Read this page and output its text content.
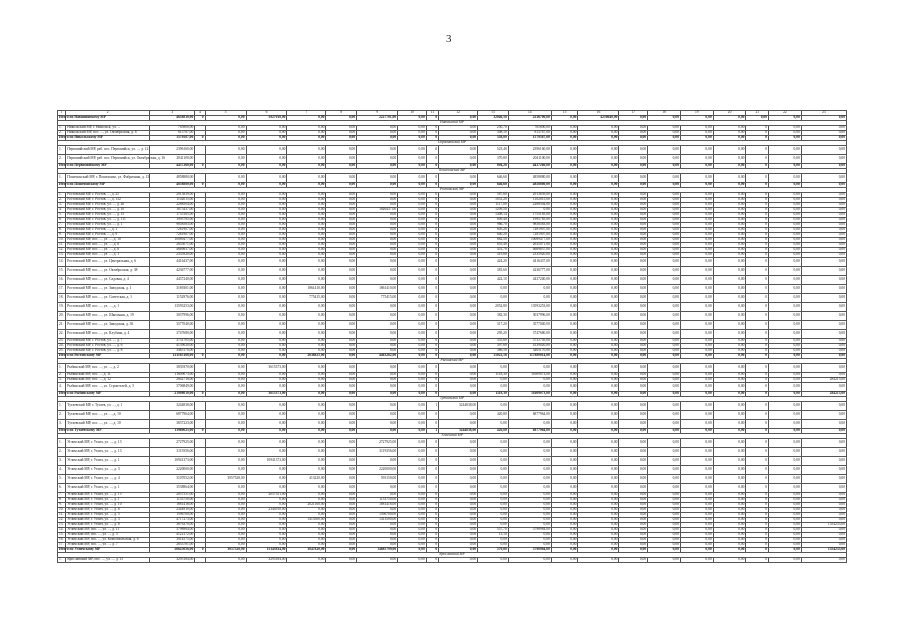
3
1	2	3	4	5	6	7	8	9	10	11	12	13	14	15	16	17	18	19	20	21	22	23
Итого по Навашинскому МР		4658830,00	0	0,00	5927018,00	0,00	0,00	2227701,00	0,00	0	0,00	32046,50	2236700,00	0,00	4216640,00	0,00	0,00	0,00	0,00	0,00	0,00	0,00
Никольский МР																						
1.	Никольский МР, г. Никольск, ул. ...	765800,00		0,00	0,00	0,00	0,00	0,00	0,00	0	0,00	250,70	765800,00	0,00	0,00	0,00	0,00	0,00	0,00	0	0,00	0,00
2.	Никольский МР, пос. ..., ул. Октябрьская, д. 6	813787,00		0,00	0,00	0,00	0,00	0,00	0,00	0	0,00	308,10	813787,00	0,00	0,00	0,00	0,00	0,00	0,00	0	0,00	0,00
Итого по Никольскому МР		1579587,00	0	0,00	0,00	0,00	0,00	0,00	0,00	0	0,00	558,80	1579587,00	0,00	0,00	0,00	0,00	0,00	0,00	0	0,00	0,00
Первомайский МР																						
1.	Первомайский МР, раб. пос. Первомайск, ул. ..., д. 12	2396160,00		0,00	0,00	0,00	0,00	0,00	0,00	0	0,00	523,40	2396160,00	0,00	0,00	0,00	0,00	0,00	0,00	0	0,00	0,00
2.	Первомайский МР, раб. пос. Первомайск, ул. Октябрьская, д. 16	2041100,00		0,00	0,00	0,00	0,00	0,00	0,00	0	0,00	370,80	2041100,00	0,00	0,00	0,00	0,00	0,00	0,00	0	0,00	0,00
Итого по Первомайскому МР		4437260,00	0	0,00	0,00	0,00	0,00	0,00	0,00	0	0,00	894,20	4437260,00	0,00	0,00	0,00	0,00	0,00	0,00	0	0,00	0,00
Пошехонский МР																						
1.	Пошехонский МР, г. Пошехонье, ул. Фабричная, д. 13	4858880,00		0,00	0,00	0,00	0,00	0,00	0,00	0	0,00	646,60	4858880,00	0,00	0,00	0,00	0,00	0,00	0,00	0	0,00	0,00
Итого по Пошехонскому МР		4858880,00	0	0,00	0,00	0,00	0,00	0,00	0,00	0	0,00	646,60	4858880,00	0,00	0,00	0,00	0,00	0,00	0,00	0	0,00	0,00
Ростовский МР																						
1.	Ростовский МР, г. Ростов, ..., д. 25	2913839,00		0,00	0,00	0,00	0,00	0,00	0,00	0	0,00	587,60	2913839,00	0,00	0,00	0,00	0,00	0,00	0,00	0	0,00	0,00
2.	Ростовский МР, г. Ростов, ..., д. 132	1102015,00		0,00	0,00	0,00	0,00	0,00	0,00	0	0,00	1031,20	1102015,00	0,00	0,00	0,00	0,00	0,00	0,00	0	0,00	0,00
3.	Ростовский МР, г. Ростов, ул. ..., д. 26	2288504,00		0,00	0,00	0,00	0,00	0,00	0,00	0	0,00	1117,00	2288504,00	0,00	0,00	0,00	0,00	0,00	0,00	0	0,00	0,00
4.	Ростовский МР, г. Ростов, ул. ..., д. 10	1875437,00		0,00	0,00	0,00	0,00	1826437,00	0,00	0	0,00	1209,50	0,00	0,00	0,00	0,00	0,00	0,00	0,00	0	0,00	0,00
5.	Ростовский МР, г. Ростов, ул. ..., д. 15	1755185,00		0,00	0,00	0,00	0,00	0,00	0,00	0	0,00	1408,14	1755185,00	0,00	0,00	0,00	0,00	0,00	0,00	0	0,00	0,00
6.	Ростовский МР, г. Ростов, ул. ..., д. 111	1995785,00		0,00	0,00	0,00	0,00	0,00	0,00	0	0,00	609,40	1995785,00	0,00	0,00	0,00	0,00	0,00	0,00	0	0,00	0,00
7.	Ростовский МР, г. Ростов, ул. ..., д. 1	9858583,00		0,00	0,00	0,00	0,00	0,00	0,00	0	0,00	966,70	9858583,00	0,00	0,00	0,00	0,00	0,00	0,00	0	0,00	0,00
8.	Ростовский МР, г. Ростов, ..., д. 1	7281907,00		0,00	0,00	0,00	0,00	0,00	0,00	0	0,00	605,20	7281907,00	0,00	0,00	0,00	0,00	0,00	0,00	0	0,00	0,00
9.	Ростовский МР, г. Ростов, ..., д. 9	7281907,00		0,00	0,00	0,00	0,00	0,00	0,00	0	0,00	640,20	7281907,00	0,00	0,00	0,00	0,00	0,00	0,00	0	0,00	0,00
10.	Ростовский МР, пос. ..., ул. ..., д. 10	10089477,00		0,00	0,00	0,00	0,00	0,00	0,00	0	0,00	882,50	10089477,00	0,00	0,00	0,00	0,00	0,00	0,00	0	0,00	0,00
11.	Ростовский МР, пос. ..., ул. ..., д. 6	2635071,00		0,00	0,00	0,00	0,00	0,00	0,00	0	0,00	655,40	2635071,00	0,00	0,00	0,00	0,00	0,00	0,00	0	0,00	0,00
12.	Ростовский МР, пос. ..., ул. ..., д. 6	4669837,00		0,00	0,00	0,00	0,00	0,00	0,00	0	0,00	451,70	4669837,00	0,00	0,00	0,00	0,00	0,00	0,00	0	0,00	0,00
13.	Ростовский МР, пос. ..., ул. ..., д. 1	2335920,00		0,00	0,00	0,00	0,00	0,00	0,00	0	0,00	319,80	2335920,00	0,00	0,00	0,00	0,00	0,00	0,00	0	0,00	0,00
14.	Ростовский МР, пос. ..., ул. Центральная, д. 6	4416437,00		0,00	0,00	0,00	0,00	0,00	0,00	0	0,00	424,20	4416437,00	0,00	0,00	0,00	0,00	0,00	0,00	0	0,00	0,00
15.	Ростовский МР, пос. ..., ул. Октябрьская, д. 38	4236777,00		0,00	0,00	0,00	0,00	0,00	0,00	0	0,00	381,60	4236777,00	0,00	0,00	0,00	0,00	0,00	0,00	0	0,00	0,00
16.	Ростовский МР, пос. ..., ул. Садовая, д. 4	4437240,00		0,00	0,00	0,00	0,00	0,00	0,00	0	0,00	422,10	4437240,00	0,00	0,00	0,00	0,00	0,00	0,00	0	0,00	0,00
17.	Ростовский МР, пос. ..., ул. Заводская, д. 1	3169301,00		0,00	0,00	1861410,00	0,00	1861410,00	0,00	0	0,00	0,00	0,00	0,00	0,00	0,00	0,00	0,00	0,00	0	0,00	0,00
18.	Ростовский МР, пос. ..., ул. Советская, д. 1	1152976,00		0,00	0,00	775415,00	0,00	775415,00	0,00	0	0,00	0,00	0,00	0,00	0,00	0,00	0,00	0,00	0,00	0	0,00	0,00
19.	Ростовский МР, пос. ..., ул. ..., д. 1	13593253,00		0,00	0,00	0,00	0,00	0,00	0,00	0	0,00	2052,80	13593253,00	0,00	0,00	0,00	0,00	0,00	0,00	0	0,00	0,00
20.	Ростовский МР, пос. ..., ул. Школьная, д. 19	3037996,00		0,00	0,00	0,00	0,00	0,00	0,00	0	0,00	382,30	3037996,00	0,00	0,00	0,00	0,00	0,00	0,00	0	0,00	0,00
21.	Ростовский МР, пос. ..., ул. Заводская, д. 36	3577040,00		0,00	0,00	0,00	0,00	0,00	0,00	0	0,00	317,20	3577040,00	0,00	0,00	0,00	0,00	0,00	0,00	0	0,00	0,00
22.	Ростовский МР, пос. ..., ул. Клубная, д. 4	3747680,00		0,00	0,00	0,00	0,00	0,00	0,00	0	0,00	295,20	3747680,00	0,00	0,00	0,00	0,00	0,00	0,00	0	0,00	0,00
23.	Ростовский МР, г. Ростов, ул. ..., д. 7	3731705,00		0,00	0,00	0,00	0,00	0,00	0,00	0	0,00	355,60	3731705,00	0,00	0,00	0,00	0,00	0,00	0,00	0	0,00	0,00
24.	Ростовский МР, г. Ростов, ул. ..., д. 6	4139020,00		0,00	0,00	0,00	0,00	0,00	0,00	0	0,00	397,60	4139020,00	0,00	0,00	0,00	0,00	0,00	0,00	0	0,00	0,00
25.	Ростовский МР, г. Ростов, ул. ..., д. 8	3465170,00		0,00	0,00	0,00	0,00	0,00	0,00	0	0,00	386,50	3465170,00	0,00	0,00	0,00	0,00	0,00	0,00	0	0,00	0,00
Итого по Ростовскому МР		123165108,00	0	0,00	0,00	2636825,00	0,00	4463262,00	0,00	0	0,00	15022,16	117880014,00	0,00	0,00	0,00	0,00	0,00	0,00	0	0,00	0,00
Рыбинский МР																						
1.	Рыбинский МР, пос. ..., ул. ..., д. 2	3839370,00		0,00	3615373,00	0,00	0,00	0,00	0,00	0	0,00	0,00	0,00	0,00	0,00	0,00	0,00	0,00	0,00	0	0,00	0,00
2.	Рыбинский МР, пос. ..., д. 11	11609073,00		0,00	0,00	0,00	0,00	0,00	0,00	0	0,00	1118,30	11609073,00	0,00	0,00	0,00	0,00	0,00	0,00	0	0,00	0,00
3.	Рыбинский МР, пос. ..., д. 12	2842718,00		0,00	0,00	0,00	0,00	0,00	0,00	0	0,00	0,00	0,00	0,00	0,00	0,00	0,00	0,00	0,00	0	0,00	284215,00
4.	Рыбинский МР, пос. ..., ул. Строителей, д. 5	3706849,00		0,00	0,00	0,00	0,00	0,00	0,00	0	0,00	0,00	0,00	0,00	0,00	0,00	0,00	0,00	0,00	0	0,00	0,00
Итого по Рыбинскому МР		21998010,00	0	0,00	3615373,00	0,00	0,00	0,00	0,00	0	0,00	1118,30	11609073,00	0,00	0,00	0,00	0,00	0,00	0,00	0	0,00	284215,00
Тутаевский МР																						
1.	Тутаевский МР, г. Тутаев, ул. ..., д. 1	3244838,00		0,00	0,00	0,00	0,00	0,00	0,00	1	3244838,00	0,00	0,00	0,00	0,00	0,00	0,00	0,00	0,00	0	0,00	0,00
2.	Тутаевский МР, пос. ..., ул. ..., д. 10	6877964,00		0,00	0,00	0,00	0,00	0,00	0,00	0	0,00	420,80	6877964,00	0,00	0,00	0,00	0,00	0,00	0,00	0	0,00	0,00
3.	Тутаевский МР, пос. ..., ул. ..., д. 10	3837223,00		0,00	0,00	0,00	0,00	0,00	0,00	0	0,00	0,00	0,00	0,00	0,00	0,00	0,00	0,00	0,00	0	0,00	0,00
Итого по Тутаевскому МР		13960025,00	0	0,00	0,00	0,00	0,00	0,00	0,00	1	3244838,00	420,80	6877964,00	0,00	0,00	0,00	0,00	0,00	0,00	0	0,00	0,00
Угличский МР																						
1.	Угличский МР, г. Углич, ул. ..., д. 13	2727925,00		0,00	0,00	0,00	0,00	2727925,00	0,00	0	0,00	0,00	0,00	0,00	0,00	0,00	0,00	0,00	0,00	0	0,00	0,00
2.	Угличский МР, г. Углич, ул. ..., д. 13	3119356,00		0,00	0,00	0,00	0,00	3119356,00	0,00	0	0,00	0,00	0,00	0,00	0,00	0,00	0,00	0,00	0,00	0	0,00	0,00
3.	Угличский МР, г. Углич, ул. ..., д. 1	10941373,00		0,00	10941373,00	0,00	0,00	0,00	0,00	0	0,00	0,00	0,00	0,00	0,00	0,00	0,00	0,00	0,00	0	0,00	0,00
4.	Угличский МР, г. Углич, ул. ..., д. 3	2220000,00		0,00	0,00	0,00	0,00	2220000,00	0,00	0	0,00	0,00	0,00	0,00	0,00	0,00	0,00	0,00	0,00	0	0,00	0,00
5.	Угличский МР, г. Углич, ул. ..., д. 4	3107052,00		3057528,00	0,00	413220,00	0,00	593150,00	0,00	0	0,00	0,00	0,00	0,00	0,00	0,00	0,00	0,00	0,00	0	0,00	0,00
6.	Угличский МР, г. Углич, ул. ..., д. 1	3538864,00		0,00	0,00	0,00	0,00	0,00	0,00	0	0,00	0,00	0,00	0,00	0,00	0,00	0,00	0,00	0,00	0	0,00	0,00
7.	Угличский МР, г. Углич, ул. ..., д. 15	2057551,00		0,00	2057551,00	0,00	0,00	0,00	0,00	0	0,00	0,00	0,00	0,00	0,00	0,00	0,00	0,00	0,00	0	0,00	0,00
8.	Угличский МР, г. Углич, ул. ..., д. 1	1133750,00		0,00	0,00	0,00	0,00	1133750,00	0,00	0	0,00	0,00	0,00	0,00	0,00	0,00	0,00	0,00	0,00	0	0,00	0,00
9.	Угличский МР, г. Углич, ул. ..., д. 10	1881418,00		0,00	0,00	2021100,00	0,00	1881418,00	0,00	0	0,00	0,00	0,00	0,00	0,00	0,00	0,00	0,00	0,00	0	0,00	0,00
10.	Угличский МР, г. Углич, ул. ..., д. 6	2344910,00		0,00	2344910,00	0,00	0,00	0,00	0,00	0	0,00	0,00	0,00	0,00	0,00	0,00	0,00	0,00	0,00	0	0,00	0,00
11.	Угличский МР, г. Углич, ул. ..., д. 5	1596700,00		0,00	0,00	0,00	0,00	1596700,00	0,00	0	0,00	0,00	0,00	0,00	0,00	0,00	0,00	0,00	0,00	0	0,00	0,00
12.	Угличский МР, г. Углич, ул. ..., д. 3	4717273,00		0,00	0,00	1413500,00	0,00	1413500,00	0,00	0	0,00	0,00	0,00	0,00	0,00	0,00	0,00	0,00	0,00	0	0,00	0,00
13.	Угличский МР, г. Углич, ул. ..., д. 8	3676370,00		0,00	0,00	0,00	0,00	0,00	0,00	0	0,00	0,00	0,00	0,00	0,00	0,00	0,00	0,00	0,00	0	0,00	1554235,00
14.	Угличский МР, пос. ..., ул. ..., д. 11	3798984,00		0,00	0,00	0,00	0,00	0,00	0,00	0	0,00	557,70	3798984,00	0,00	0,00	0,00	0,00	0,00	0,00	0	0,00	0,00
15.	Угличский МР, пос. ..., ул. ..., д. 3	4122172,00		0,00	0,00	0,00	0,00	0,00	0,00	0	0,00	13,10	0,00	0,00	0,00	0,00	0,00	0,00	0,00	0	0,00	0,00
16.	Угличский МР, пос. ..., ул. Комсомольская, д. 6	3914575,00		0,00	0,00	0,00	0,00	0,00	0,00	0	0,00	0,00	0,00	0,00	0,00	0,00	0,00	0,00	0,00	0	0,00	0,00
17.	Угличский МР, пос. ..., ул. ..., д. 7	2833781,00		0,00	0,00	0,00	0,00	0,00	0,00	0	0,00	0,00	0,00	0,00	0,00	0,00	0,00	0,00	0,00	0	0,00	0,00
Итого по Угличскому МР		56625056,00	0	3057528,00	15343834,00	3847820,00	0,00	14685799,00	0,00	0	0,00	570,80	3798984,00	0,00	0,00	0,00	0,00	0,00	0,00	0	0,00	1554235,00
Ярославский МР																						
1.	Ярославский МР, пос. ..., ул. ..., д. 15	3295184,00		0,00	3295184,00	0,00	0,00	0,00	0,00	0	0,00	0,00	0,00	0,00	0,00	0,00	0,00	0,00	0,00	0	0,00	0,00
